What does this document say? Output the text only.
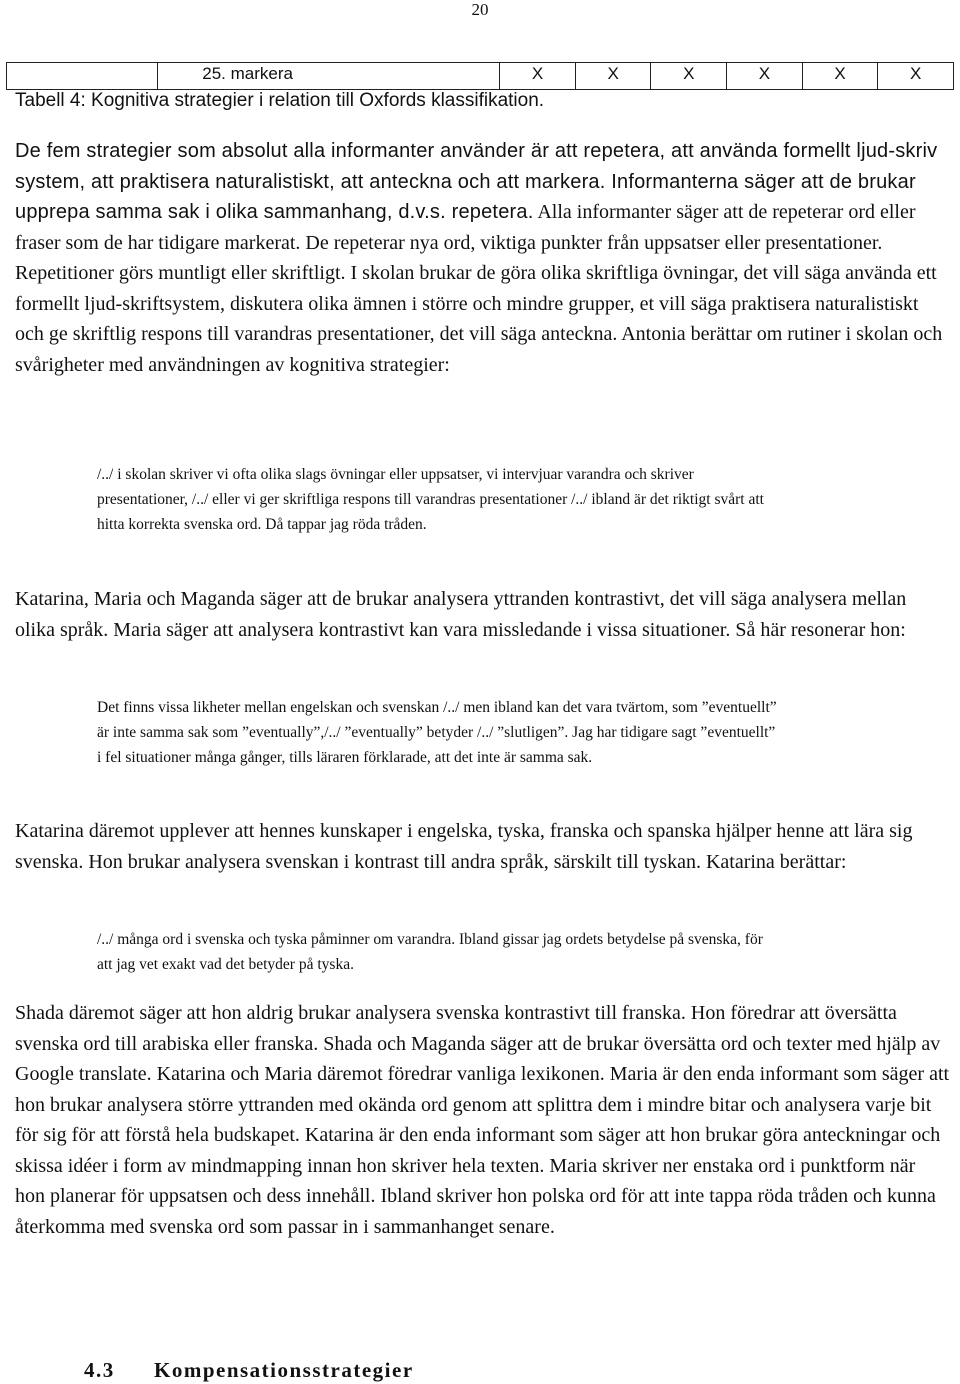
20
	25. markera	X	X	X	X	X	X
Tabell 4: Kognitiva strategier i relation till Oxfords klassifikation.

De fem strategier som absolut alla informanter använder är att repetera, att använda formellt ljud-skriv system, att praktisera naturalistiskt, att anteckna och att markera. Informanterna säger att de brukar upprepa samma sak i olika sammanhang, d.v.s. repetera. Alla informanter säger att de repeterar ord eller fraser som de har tidigare markerat. De repeterar nya ord, viktiga punkter från uppsatser eller presentationer. Repetitioner görs muntligt eller skriftligt. I skolan brukar de göra olika skriftliga övningar, det vill säga använda ett formellt ljud-skriftsystem, diskutera olika ämnen i större och mindre grupper, et vill säga praktisera naturalistiskt och ge skriftlig respons till varandras presentationer, det vill säga anteckna. Antonia berättar om rutiner i skolan och svårigheter med användningen av kognitiva strategier:

/../ i skolan skriver vi ofta olika slags övningar eller uppsatser, vi intervjuar varandra och skriver presentationer, /../ eller vi ger skriftliga respons till varandras presentationer /../ ibland är det riktigt svårt att hitta korrekta svenska ord. Då tappar jag röda tråden.

Katarina, Maria och Maganda säger att de brukar analysera yttranden kontrastivt, det vill säga analysera mellan olika språk. Maria säger att analysera kontrastivt kan vara missledande i vissa situationer. Så här resonerar hon:

Det finns vissa likheter mellan engelskan och svenskan /../ men ibland kan det vara tvärtom, som ”eventuellt” är inte samma sak som ”eventually”,/../ ”eventually” betyder /../ ”slutligen”. Jag har tidigare sagt ”eventuellt” i fel situationer många gånger, tills läraren förklarade, att det inte är samma sak.

Katarina däremot upplever att hennes kunskaper i engelska, tyska, franska och spanska hjälper henne att lära sig svenska. Hon brukar analysera svenskan i kontrast till andra språk, särskilt till tyskan. Katarina berättar:

/../ många ord i svenska och tyska påminner om varandra. Ibland gissar jag ordets betydelse på svenska, för att jag vet exakt vad det betyder på tyska.

Shada däremot säger att hon aldrig brukar analysera svenska kontrastivt till franska. Hon föredrar att översätta svenska ord till arabiska eller franska. Shada och Maganda säger att de brukar översätta ord och texter med hjälp av Google translate. Katarina och Maria däremot föredrar vanliga lexikonen. Maria är den enda informant som säger att hon brukar analysera större yttranden med okända ord genom att splittra dem i mindre bitar och analysera varje bit för sig för att förstå hela budskapet. Katarina är den enda informant som säger att hon brukar göra anteckningar och skissa idéer i form av mindmapping innan hon skriver hela texten. Maria skriver ner enstaka ord i punktform när hon planerar för uppsatsen och dess innehåll. Ibland skriver hon polska ord för att inte tappa röda tråden och kunna återkomma med svenska ord som passar in i sammanhanget senare.

4.3 Kompensationsstrategier
